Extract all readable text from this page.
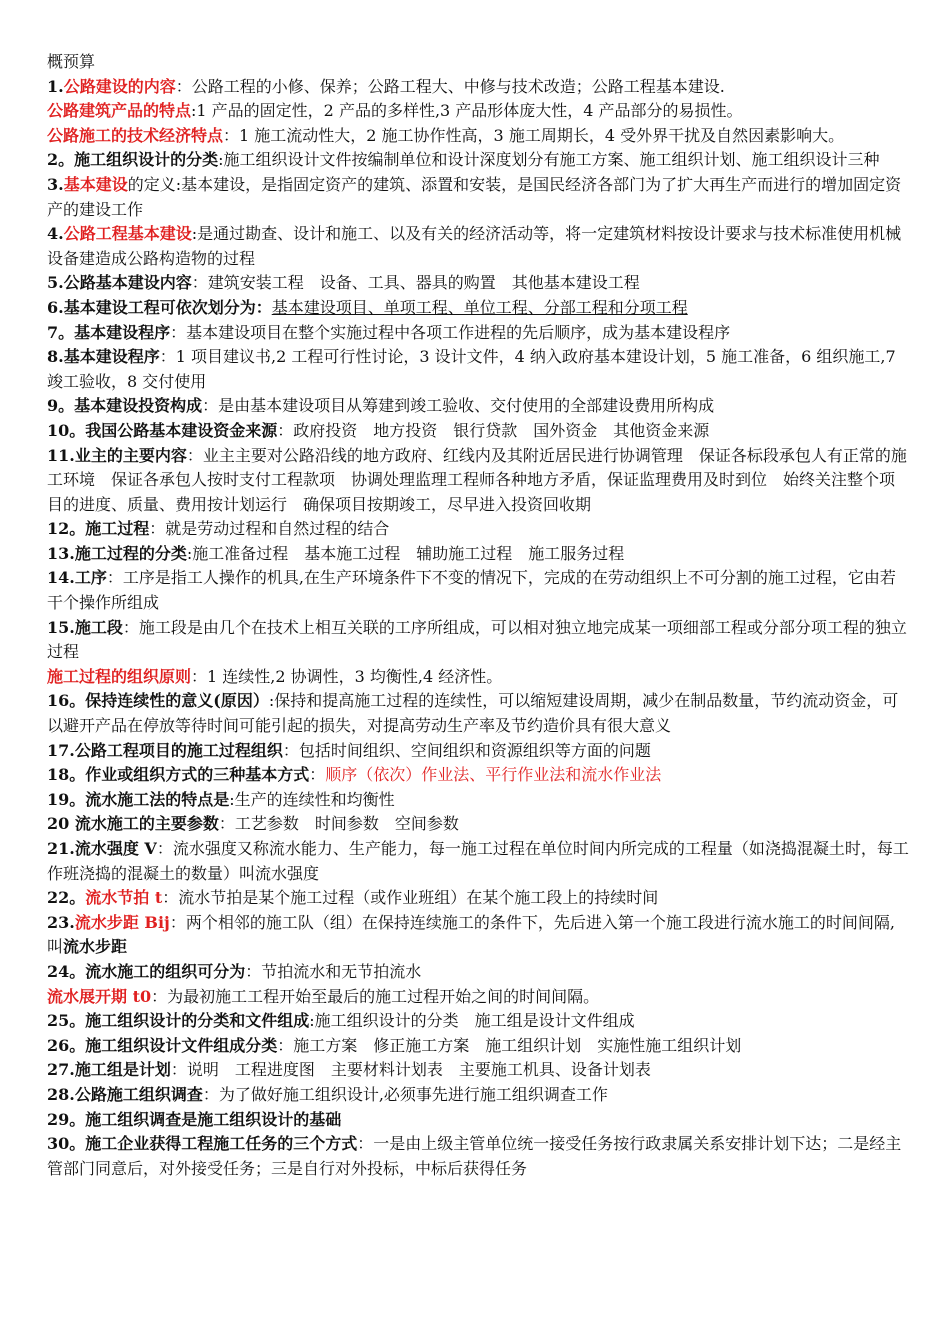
概预算

1.公路建设的内容：公路工程的小修、保养；公路工程大、中修与技术改造；公路工程基本建设.

公路建筑产品的特点:1 产品的固定性，2 产品的多样性,3 产品形体庞大性，4 产品部分的易损性。

公路施工的技术经济特点：1 施工流动性大，2 施工协作性高，3 施工周期长，4 受外界干扰及自然因素影响大。

2。施工组织设计的分类:施工组织设计文件按编制单位和设计深度划分有施工方案、施工组织计划、施工组织设计三种

3.基本建设的定义:基本建设，是指固定资产的建筑、添置和安装，是国民经济各部门为了扩大再生产而进行的增加固定资产的建设工作

4.公路工程基本建设:是通过勘查、设计和施工、以及有关的经济活动等，将一定建筑材料按设计要求与技术标准使用机械设备建造成公路构造物的过程

5.公路基本建设内容：建筑安装工程　设备、工具、器具的购置　其他基本建设工程

6.基本建设工程可依次划分为：基本建设项目、单项工程、单位工程、分部工程和分项工程

7。基本建设程序：基本建设项目在整个实施过程中各项工作进程的先后顺序，成为基本建设程序

8.基本建设程序：1 项目建议书,2 工程可行性讨论，3 设计文件，4 纳入政府基本建设计划，5 施工准备，6 组织施工,7 竣工验收，8 交付使用

9。基本建设投资构成：是由基本建设项目从筹建到竣工验收、交付使用的全部建设费用所构成

10。我国公路基本建设资金来源：政府投资　地方投资　银行贷款　国外资金　其他资金来源

11.业主的主要内容：业主主要对公路沿线的地方政府、红线内及其附近居民进行协调管理　保证各标段承包人有正常的施工环境　保证各承包人按时支付工程款项　协调处理监理工程师各种地方矛盾，保证监理费用及时到位　始终关注整个项目的进度、质量、费用按计划运行　确保项目按期竣工，尽早进入投资回收期

12。施工过程：就是劳动过程和自然过程的结合

13.施工过程的分类:施工准备过程　基本施工过程　辅助施工过程　施工服务过程

14.工序：工序是指工人操作的机具,在生产环境条件下不变的情况下，完成的在劳动组织上不可分割的施工过程，它由若干个操作所组成

15.施工段：施工段是由几个在技术上相互关联的工序所组成，可以相对独立地完成某一项细部工程或分部分项工程的独立过程

施工过程的组织原则：1 连续性,2 协调性，3 均衡性,4 经济性。

16。保持连续性的意义(原因）:保持和提高施工过程的连续性，可以缩短建设周期，减少在制品数量，节约流动资金，可以避开产品在停放等待时间可能引起的损失，对提高劳动生产率及节约造价具有很大意义

17.公路工程项目的施工过程组织：包括时间组织、空间组织和资源组织等方面的问题

18。作业或组织方式的三种基本方式：顺序（依次）作业法、平行作业法和流水作业法

19。流水施工法的特点是:生产的连续性和均衡性

20 流水施工的主要参数：工艺参数　时间参数　空间参数

21.流水强度 V：流水强度又称流水能力、生产能力，每一施工过程在单位时间内所完成的工程量（如浇捣混凝土时，每工作班浇捣的混凝土的数量）叫流水强度

22。流水节拍 t：流水节拍是某个施工过程（或作业班组）在某个施工段上的持续时间

23.流水步距 Bij：两个相邻的施工队（组）在保持连续施工的条件下，先后进入第一个施工段进行流水施工的时间间隔,叫流水步距

24。流水施工的组织可分为：节拍流水和无节拍流水

流水展开期 t0：为最初施工工程开始至最后的施工过程开始之间的时间间隔。

25。施工组织设计的分类和文件组成:施工组织设计的分类　施工组是设计文件组成

26。施工组织设计文件组成分类：施工方案　修正施工方案　施工组织计划　实施性施工组织计划

27.施工组是计划：说明　工程进度图　主要材料计划表　主要施工机具、设备计划表

28.公路施工组织调查：为了做好施工组织设计,必须事先进行施工组织调查工作

29。施工组织调查是施工组织设计的基础

30。施工企业获得工程施工任务的三个方式：一是由上级主管单位统一接受任务按行政隶属关系安排计划下达；二是经主管部门同意后，对外接受任务；三是自行对外投标，中标后获得任务
